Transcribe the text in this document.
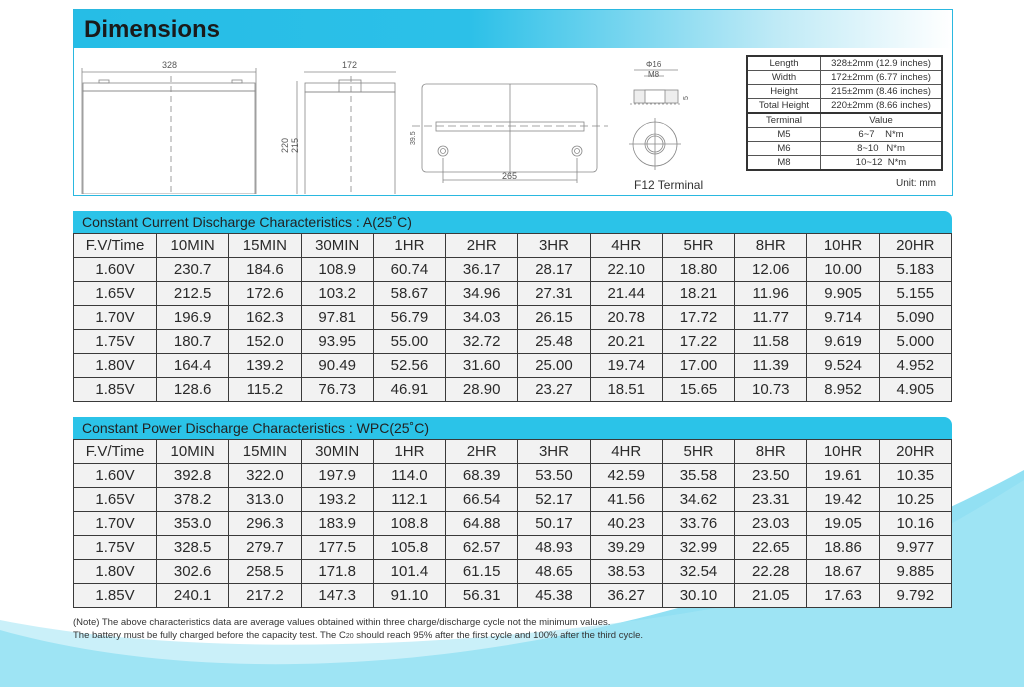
Dimensions
328	172
220 215	39.5
265
Φ16
M8
5
F12 Terminal
Length	328±2mm (12.9 inches)
Width	172±2mm (6.77 inches)
Height	215±2mm (8.46 inches)
Total Height	220±2mm (8.66 inches)
Terminal	Value
M5	6~7    N*m
M6	8~10   N*m
M8	10~12  N*m
Unit: mm
Constant Current Discharge Characteristics : A(25˚C)
F.V/Time	10MIN	15MIN	30MIN	1HR	2HR	3HR	4HR	5HR	8HR	10HR	20HR
1.60V	230.7	184.6	108.9	60.74	36.17	28.17	22.10	18.80	12.06	10.00	5.183
1.65V	212.5	172.6	103.2	58.67	34.96	27.31	21.44	18.21	11.96	9.905	5.155
1.70V	196.9	162.3	97.81	56.79	34.03	26.15	20.78	17.72	11.77	9.714	5.090
1.75V	180.7	152.0	93.95	55.00	32.72	25.48	20.21	17.22	11.58	9.619	5.000
1.80V	164.4	139.2	90.49	52.56	31.60	25.00	19.74	17.00	11.39	9.524	4.952
1.85V	128.6	115.2	76.73	46.91	28.90	23.27	18.51	15.65	10.73	8.952	4.905
Constant Power Discharge Characteristics : WPC(25˚C)
F.V/Time	10MIN	15MIN	30MIN	1HR	2HR	3HR	4HR	5HR	8HR	10HR	20HR
1.60V	392.8	322.0	197.9	114.0	68.39	53.50	42.59	35.58	23.50	19.61	10.35
1.65V	378.2	313.0	193.2	112.1	66.54	52.17	41.56	34.62	23.31	19.42	10.25
1.70V	353.0	296.3	183.9	108.8	64.88	50.17	40.23	33.76	23.03	19.05	10.16
1.75V	328.5	279.7	177.5	105.8	62.57	48.93	39.29	32.99	22.65	18.86	9.977
1.80V	302.6	258.5	171.8	101.4	61.15	48.65	38.53	32.54	22.28	18.67	9.885
1.85V	240.1	217.2	147.3	91.10	56.31	45.38	36.27	30.10	21.05	17.63	9.792
(Note) The above characteristics data are average values obtained within three charge/discharge cycle not the minimum values.
The battery must be fully charged before the capacity test. The C20 should reach 95% after the first cycle and 100% after the third cycle.
